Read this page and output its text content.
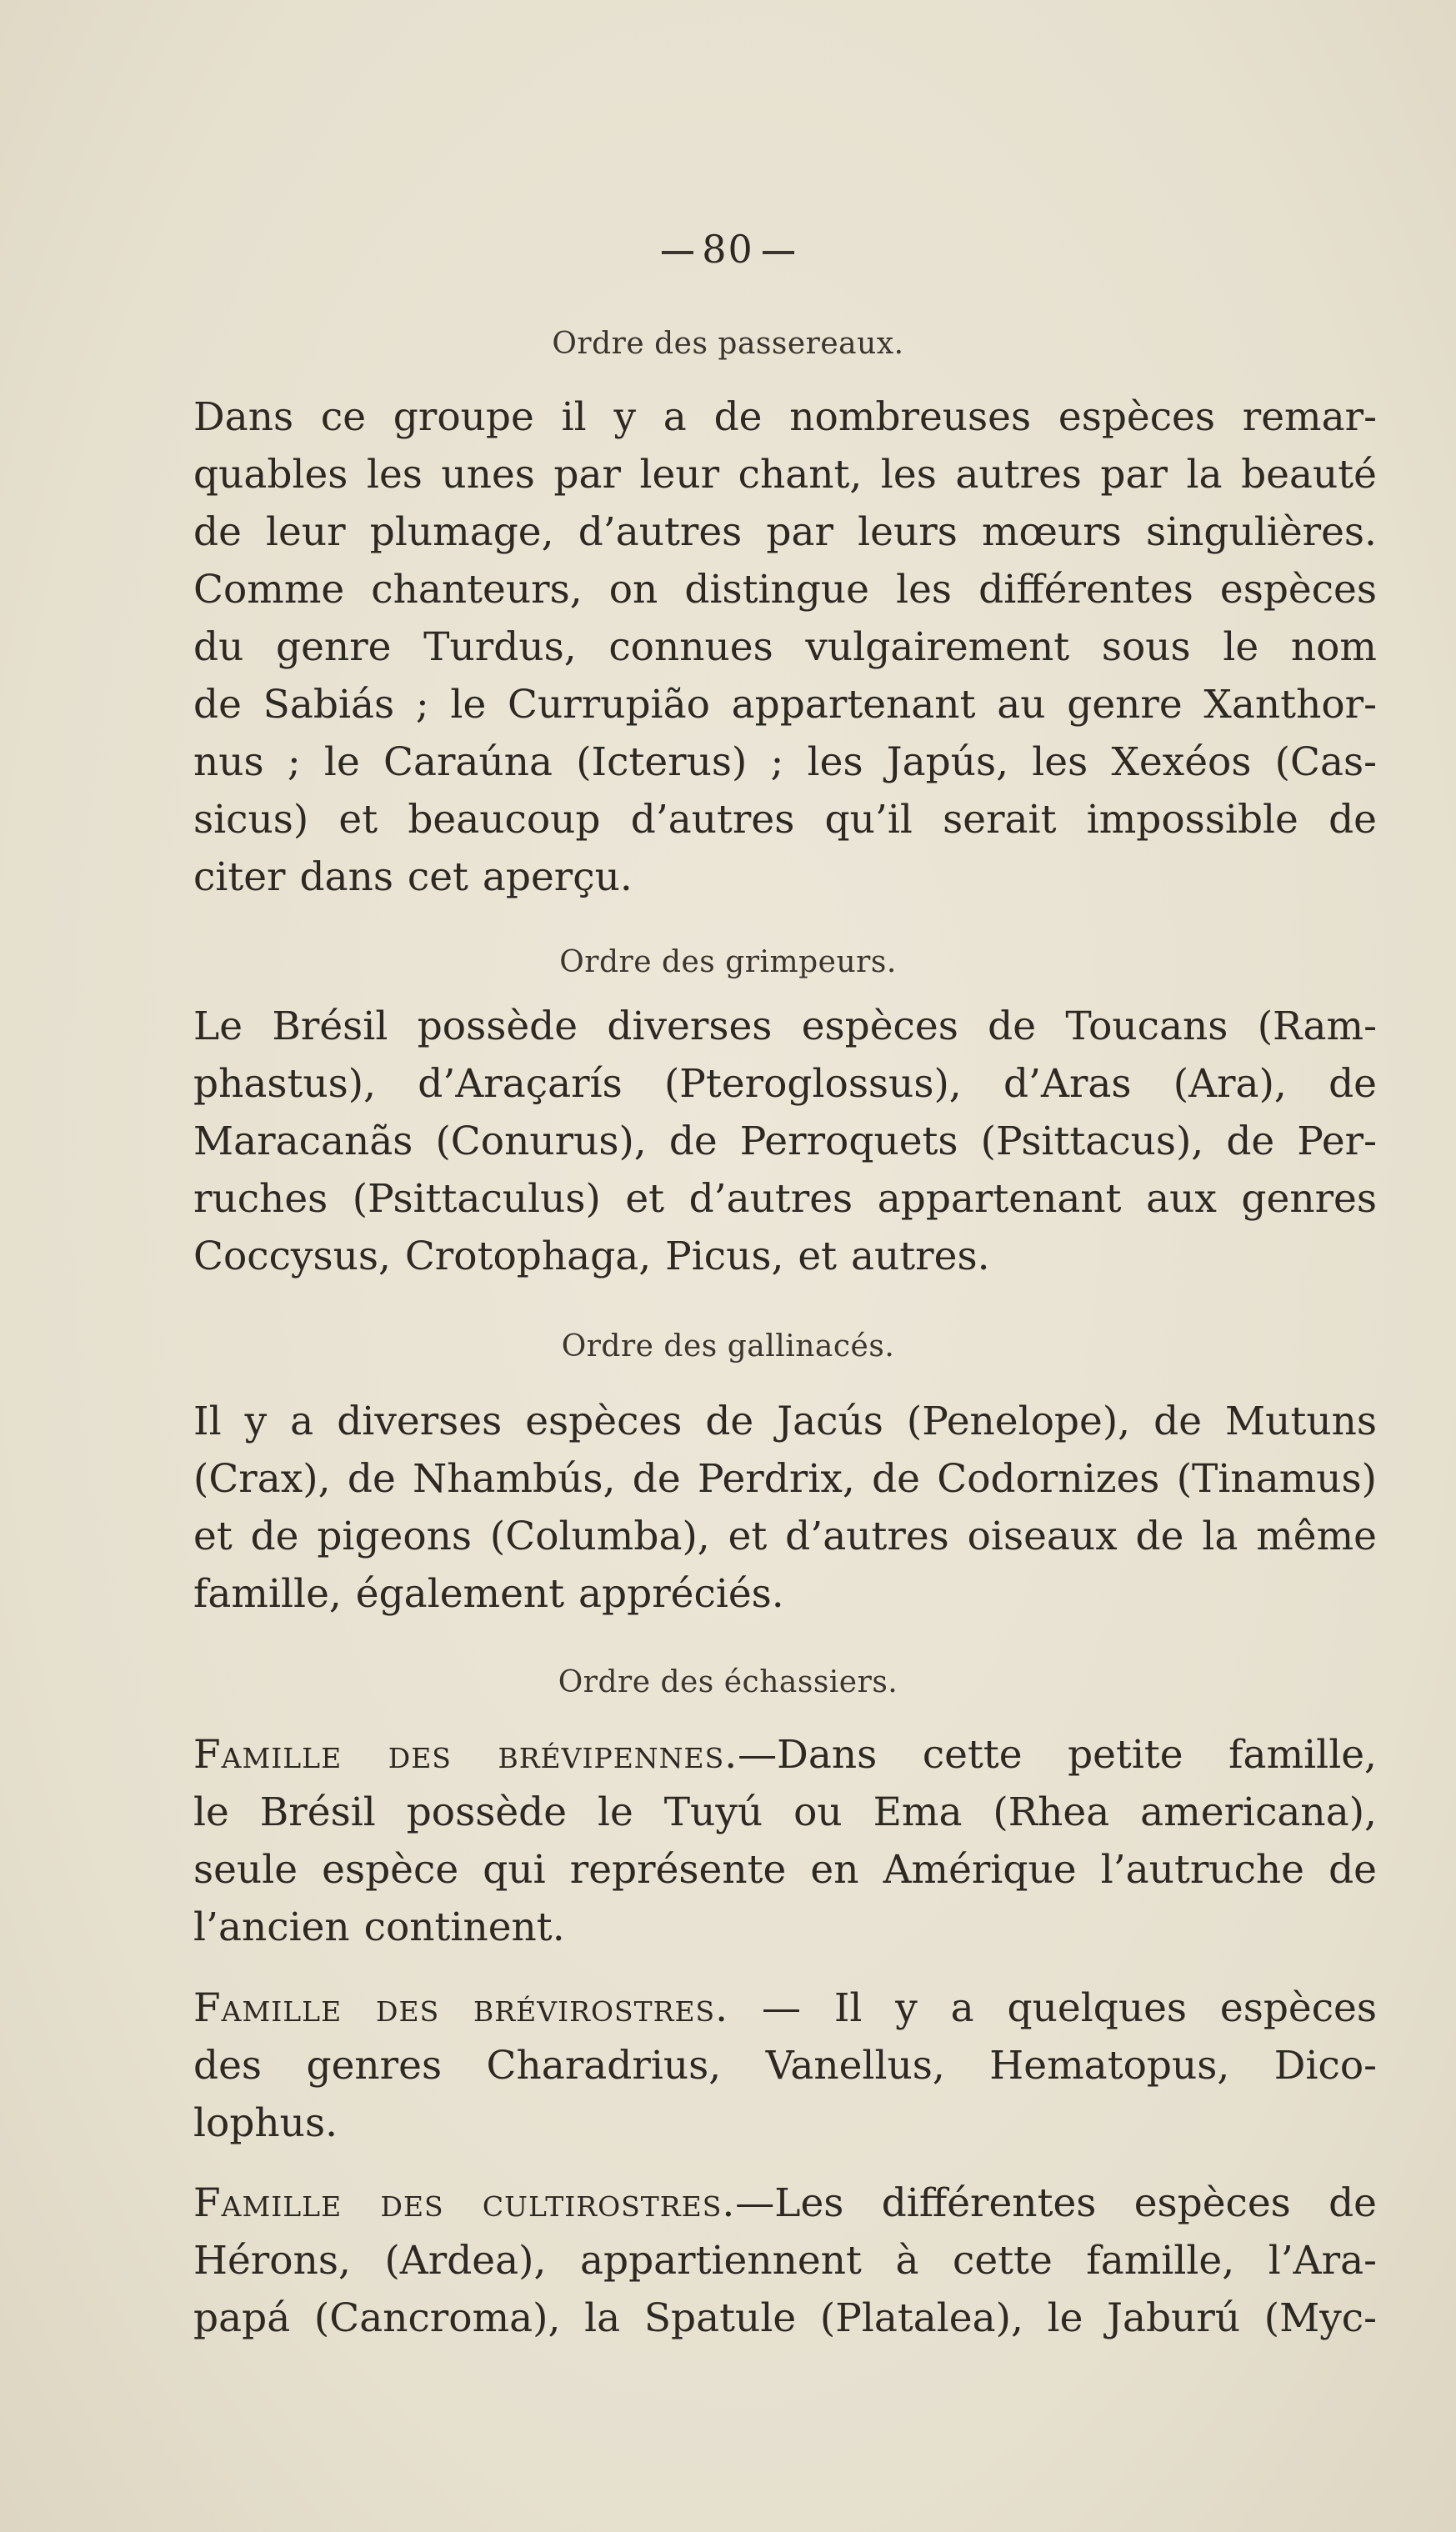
80
Ordre des passereaux.
Dans ce groupe il y a de nombreuses espèces remar-
quables les unes par leur chant, les autres par la beauté
de leur plumage, d’autres par leurs mœurs singulières.
Comme chanteurs, on distingue les différentes espèces
du genre Turdus, connues vulgairement sous le nom
de Sabiás ; le Currupião appartenant au genre Xanthor-
nus ; le Caraúna (Icterus) ; les Japús, les Xexéos (Cas-
sicus) et beaucoup d’autres qu’il serait impossible de
citer dans cet aperçu.
Ordre des grimpeurs.
Le Brésil possède diverses espèces de Toucans (Ram-
phastus), d’Araçarís (Pteroglossus), d’Aras (Ara), de
Maracanãs (Conurus), de Perroquets (Psittacus), de Per-
ruches (Psittaculus) et d’autres appartenant aux genres
Coccysus, Crotophaga, Picus, et autres.
Ordre des gallinacés.
Il y a diverses espèces de Jacús (Penelope), de Mutuns
(Crax), de Nhambús, de Perdrix, de Codornizes (Tinamus)
et de pigeons (Columba), et d’autres oiseaux de la même
famille, également appréciés.
Ordre des échassiers.
Famille des brévipennes.—Dans cette petite famille,
le Brésil possède le Tuyú ou Ema (Rhea americana),
seule espèce qui représente en Amérique l’autruche de
l’ancien continent.
Famille des brévirostres. — Il y a quelques espèces
des genres Charadrius, Vanellus, Hematopus, Dico-
lophus.
Famille des cultirostres.—Les différentes espèces de
Hérons, (Ardea), appartiennent à cette famille, l’Ara-
papá (Cancroma), la Spatule (Platalea), le Jaburú (Myc-
